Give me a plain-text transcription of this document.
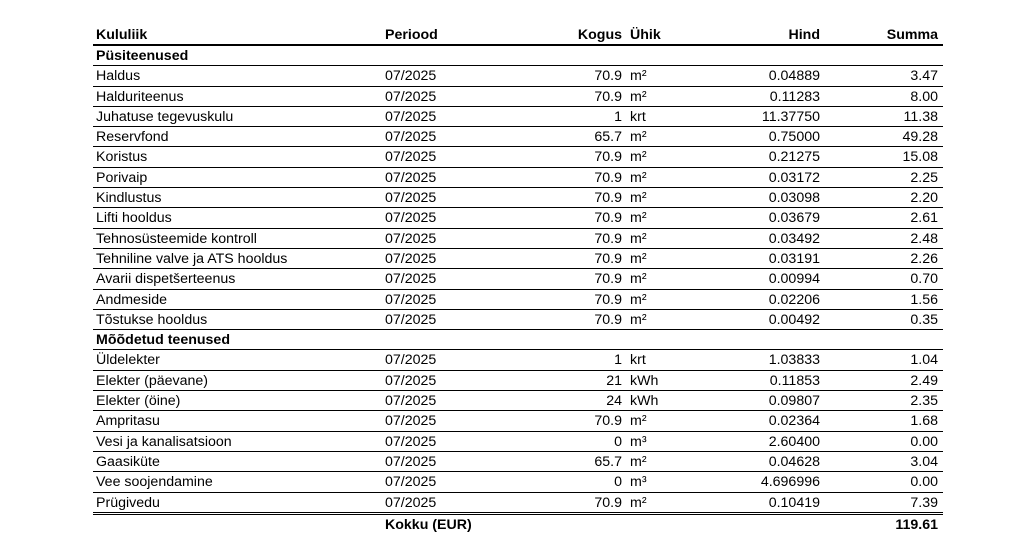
Kululiik	Periood	Kogus Ühik	Hind	Summa
Püsiteenused
Haldus	07/2025	70.9 m²	0.04889	3.47
Halduriteenus	07/2025	70.9 m²	0.11283	8.00
Juhatuse tegevuskulu	07/2025	1 krt	11.37750	11.38
Reservfond	07/2025	65.7 m²	0.75000	49.28
Koristus	07/2025	70.9 m²	0.21275	15.08
Porivaip	07/2025	70.9 m²	0.03172	2.25
Kindlustus	07/2025	70.9 m²	0.03098	2.20
Lifti hooldus	07/2025	70.9 m²	0.03679	2.61
Tehnosüsteemide kontroll	07/2025	70.9 m²	0.03492	2.48
Tehniline valve ja ATS hooldus	07/2025	70.9 m²	0.03191	2.26
Avarii dispetšerteenus	07/2025	70.9 m²	0.00994	0.70
Andmeside	07/2025	70.9 m²	0.02206	1.56
Tõstukse hooldus	07/2025	70.9 m²	0.00492	0.35
Mõõdetud teenused
Üldelekter	07/2025	1 krt	1.03833	1.04
Elekter (päevane)	07/2025	21 kWh	0.11853	2.49
Elekter (öine)	07/2025	24 kWh	0.09807	2.35
Ampritasu	07/2025	70.9 m²	0.02364	1.68
Vesi ja kanalisatsioon	07/2025	0 m³	2.60400	0.00
Gaasiküte	07/2025	65.7 m²	0.04628	3.04
Vee soojendamine	07/2025	0 m³	4.696996	0.00
Prügivedu	07/2025	70.9 m²	0.10419	7.39
Kokku (EUR)	119.61
